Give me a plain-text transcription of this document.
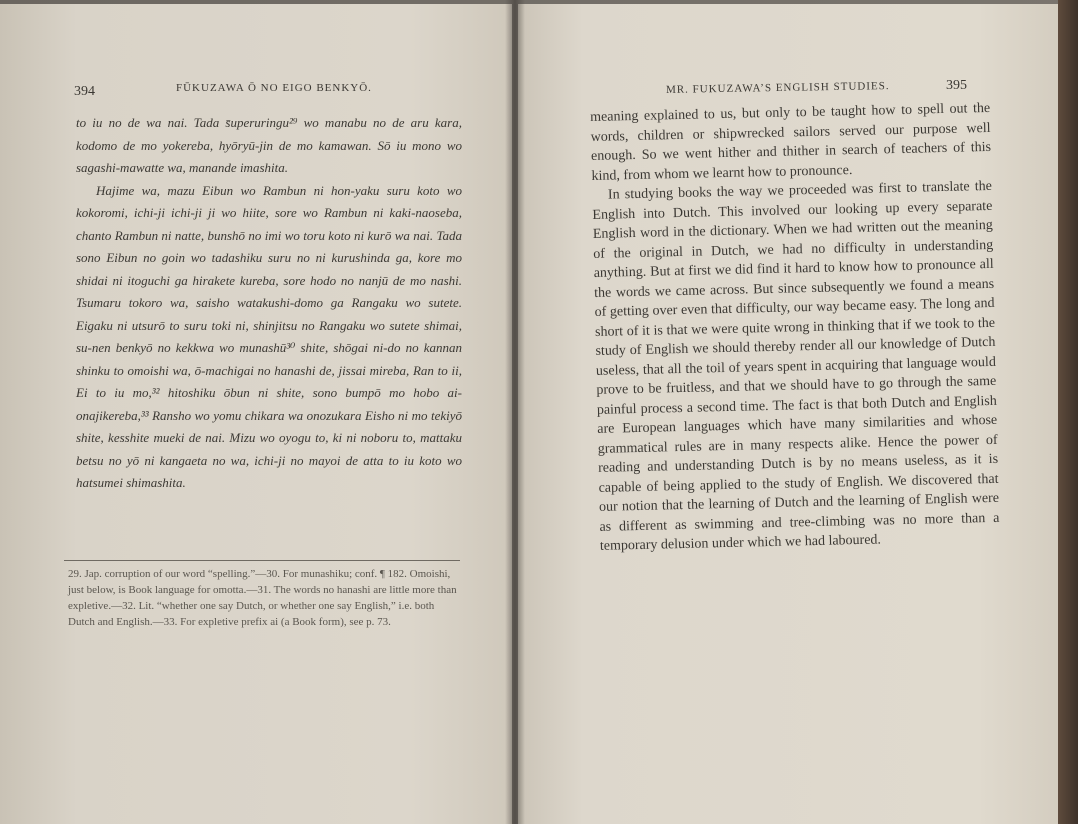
394	FŪKUZAWA Ō NO EIGO BENKYŌ.

to iu no de wa nai. Tada s̄uperuringu²⁹ wo manabu no de aru kara, kodomo de mo yokereba, hyōryū-jin de mo kamawan. Sō iu mono wo sagashi-mawatte wa, manande imashita.

Hajime wa, mazu Eibun wo Rambun ni hon-yaku suru koto wo kokoromi, ichi-ji ichi-ji ji wo hiite, sore wo Rambun ni kaki-naoseba, chanto Rambun ni natte, bunshō no imi wo toru koto ni kurō wa nai. Tada sono Eibun no goin wo tadashiku suru no ni kurushinda ga, kore mo shidai ni itoguchi ga hirakete kureba, sore hodo no nanjū de mo nashi. Tsumaru tokoro wa, saisho watakushi-domo ga Rangaku wo sutete. Eigaku ni utsurō to suru toki ni, shinjitsu no Rangaku wo sutete shimai, su-nen benkyō no kekkwa wo munashū³⁰ shite, shōgai ni-do no kannan shinku to omoishi wa, ō-machigai no hanashi de, jissai mireba, Ran to ii, Ei to iu mo,³² hitoshiku ōbun ni shite, sono bumpō mo hobo ai-onajikereba,³³ Ransho wo yomu chikara wa onozukara Eisho ni mo tekiyō shite, kesshite mueki de nai. Mizu wo oyogu to, ki ni noboru to, mattaku betsu no yō ni kangaeta no wa, ichi-ji no mayoi de atta to iu koto wo hatsumei shimashita.

29. Jap. corruption of our word “spelling.”—30. For munashiku; conf. ¶ 182. Omoishi, just below, is Book language for omotta.—31. The words no hanashi are little more than expletive.—32. Lit. “whether one say Dutch, or whether one say English,” i.e. both Dutch and English.—33. For expletive prefix ai (a Book form), see p. 73.
MR. FUKUZAWA’S ENGLISH STUDIES.	395

meaning explained to us, but only to be taught how to spell out the words, children or shipwrecked sailors served our purpose well enough. So we went hither and thither in search of teachers of this kind, from whom we learnt how to pronounce.

In studying books the way we proceeded was first to translate the English into Dutch. This involved our looking up every separate English word in the dictionary. When we had written out the meaning of the original in Dutch, we had no difficulty in understanding anything. But at first we did find it hard to know how to pronounce all the words we came across. But since subsequently we found a means of getting over even that difficulty, our way became easy. The long and short of it is that we were quite wrong in thinking that if we took to the study of English we should thereby render all our knowledge of Dutch useless, that all the toil of years spent in acquiring that language would prove to be fruitless, and that we should have to go through the same painful process a second time. The fact is that both Dutch and English are European languages which have many similarities and whose grammatical rules are in many respects alike. Hence the power of reading and understanding Dutch is by no means useless, as it is capable of being applied to the study of English. We discovered that our notion that the learning of Dutch and the learning of English were as different as swimming and tree-climbing was no more than a temporary delusion under which we had laboured.
